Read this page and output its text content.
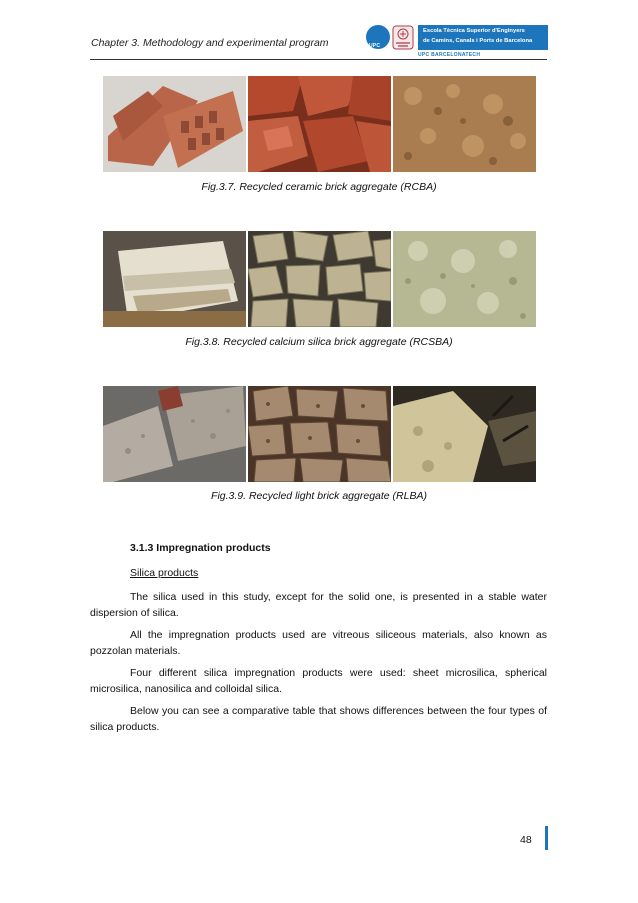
Chapter 3. Methodology and experimental program	UPC
Escola Tècnica Superior d'Enginyers
de Camins, Canals i Ports de Barcelona
UPC BARCELONATECH
Fig.3.7. Recycled ceramic brick aggregate (RCBA)
Fig.3.8. Recycled calcium silica brick aggregate (RCSBA)
Fig.3.9. Recycled light brick aggregate (RLBA)
3.1.3 Impregnation products
Silica products
The silica used in this study, except for the solid one, is presented in a stable water dispersion of silica.
All the impregnation products used are vitreous siliceous materials, also known as pozzolan materials.
Four different silica impregnation products were used: sheet microsilica, spherical microsilica, nanosilica and colloidal silica.
Below you can see a comparative table that shows differences between the four types of silica products.
48
